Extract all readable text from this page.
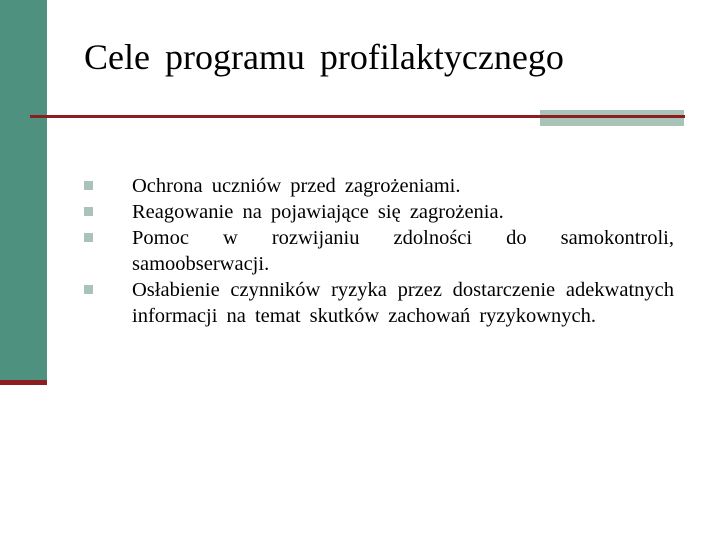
Cele programu profilaktycznego
Ochrona uczniów przed zagrożeniami.
Reagowanie na pojawiające się zagrożenia.
Pomoc w rozwijaniu zdolności do samokontroli, samoobserwacji.
Osłabienie czynników ryzyka przez dostarczenie adekwatnych informacji na temat skutków zachowań ryzykownych.
